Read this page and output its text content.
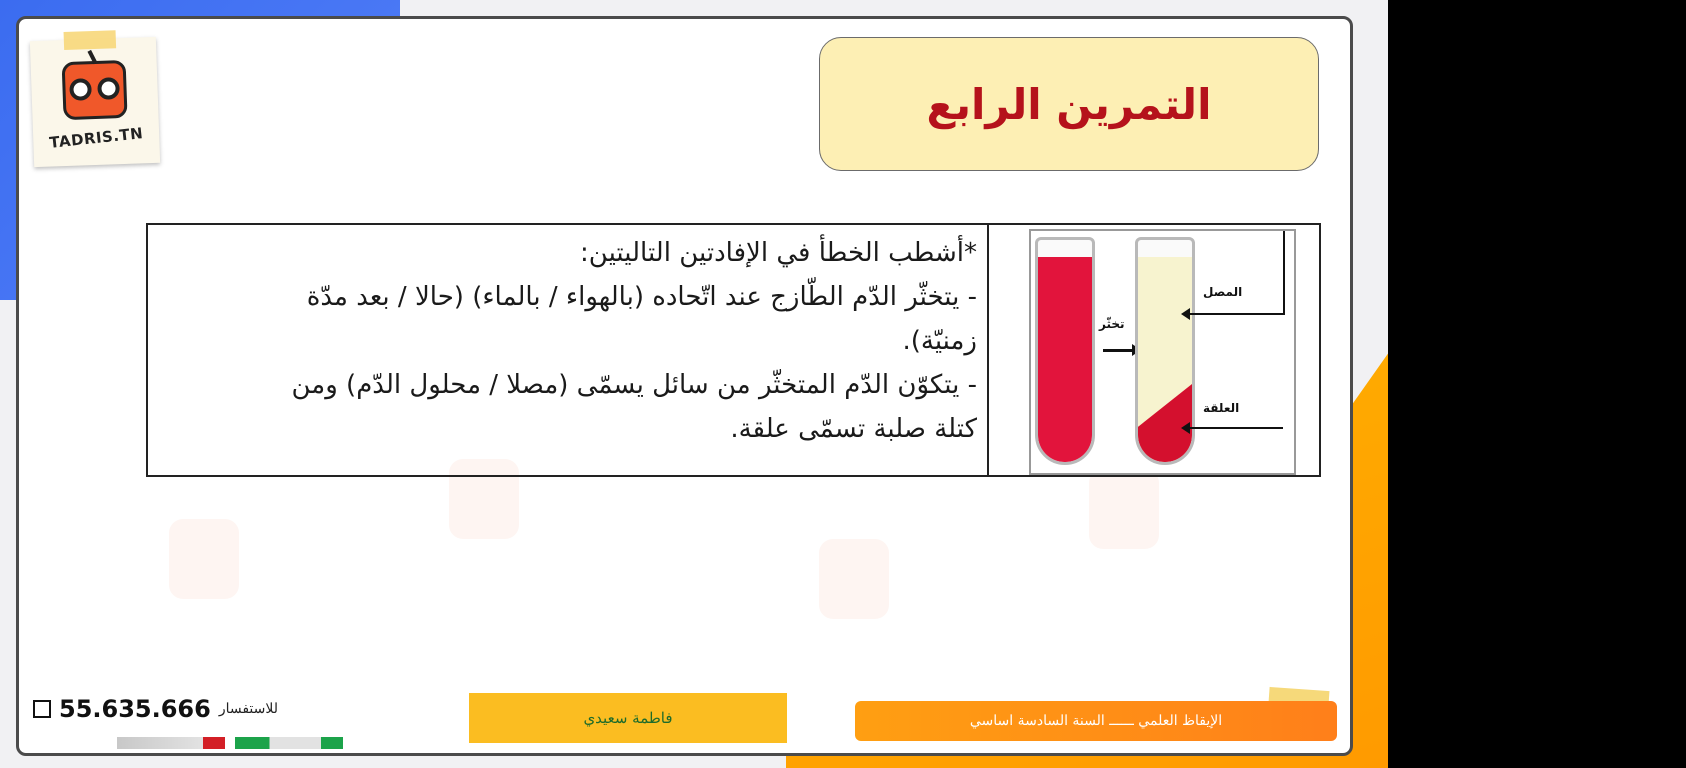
TADRIS.TN
التمرين الرابع
*أشطب الخطأ في الإفادتين التاليتين:
- يتخثّر الدّم الطّازج عند اتّحاده (بالهواء / بالماء) (حالا / بعد مدّة
زمنيّة).
- يتكوّن الدّم المتخثّر من سائل يسمّى (مصلا / محلول الدّم) ومن
كتلة صلبة تسمّى علقة.
تخثّر
المصل
العلقة
55.635.666 للاستفسار	فاطمة سعيدي	الإيقاظ العلمي ــــــ السنة السادسة اساسي
